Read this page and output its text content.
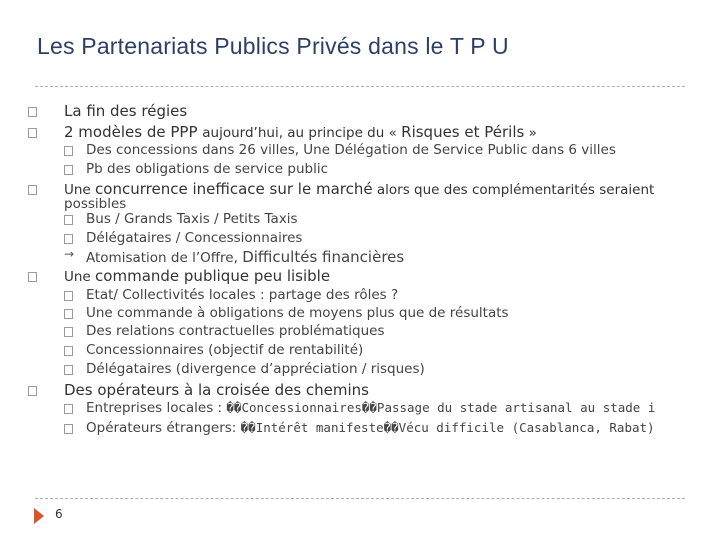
Les Partenariats Publics Privés dans le T P U
La fin des régies
2 modèles de PPP aujourd’hui, au principe du « Risques et Périls »
Des concessions dans 26 villes, Une Délégation de Service Public dans 6 villes
Pb des obligations de service public
Une concurrence inefficace sur le marché alors que des complémentarités seraient
possibles
Bus / Grands Taxis / Petits Taxis
Délégataires / Concessionnaires
→ Atomisation de l’Offre, Difficultés financières
Une commande publique peu lisible
Etat/ Collectivités locales : partage des rôles ?
Une commande à obligations de moyens plus que de résultats
Des relations contractuelles problématiques
Concessionnaires (objectif de rentabilité)
Délégataires (divergence d’appréciation / risques)
Des opérateurs à la croisée des chemins
Entreprises locales : ��Concessionnaires��Passage du stade artisanal au stade i
Opérateurs étrangers: ��Intérêt manifeste��Vécu difficile (Casablanca, Rabat)
6
